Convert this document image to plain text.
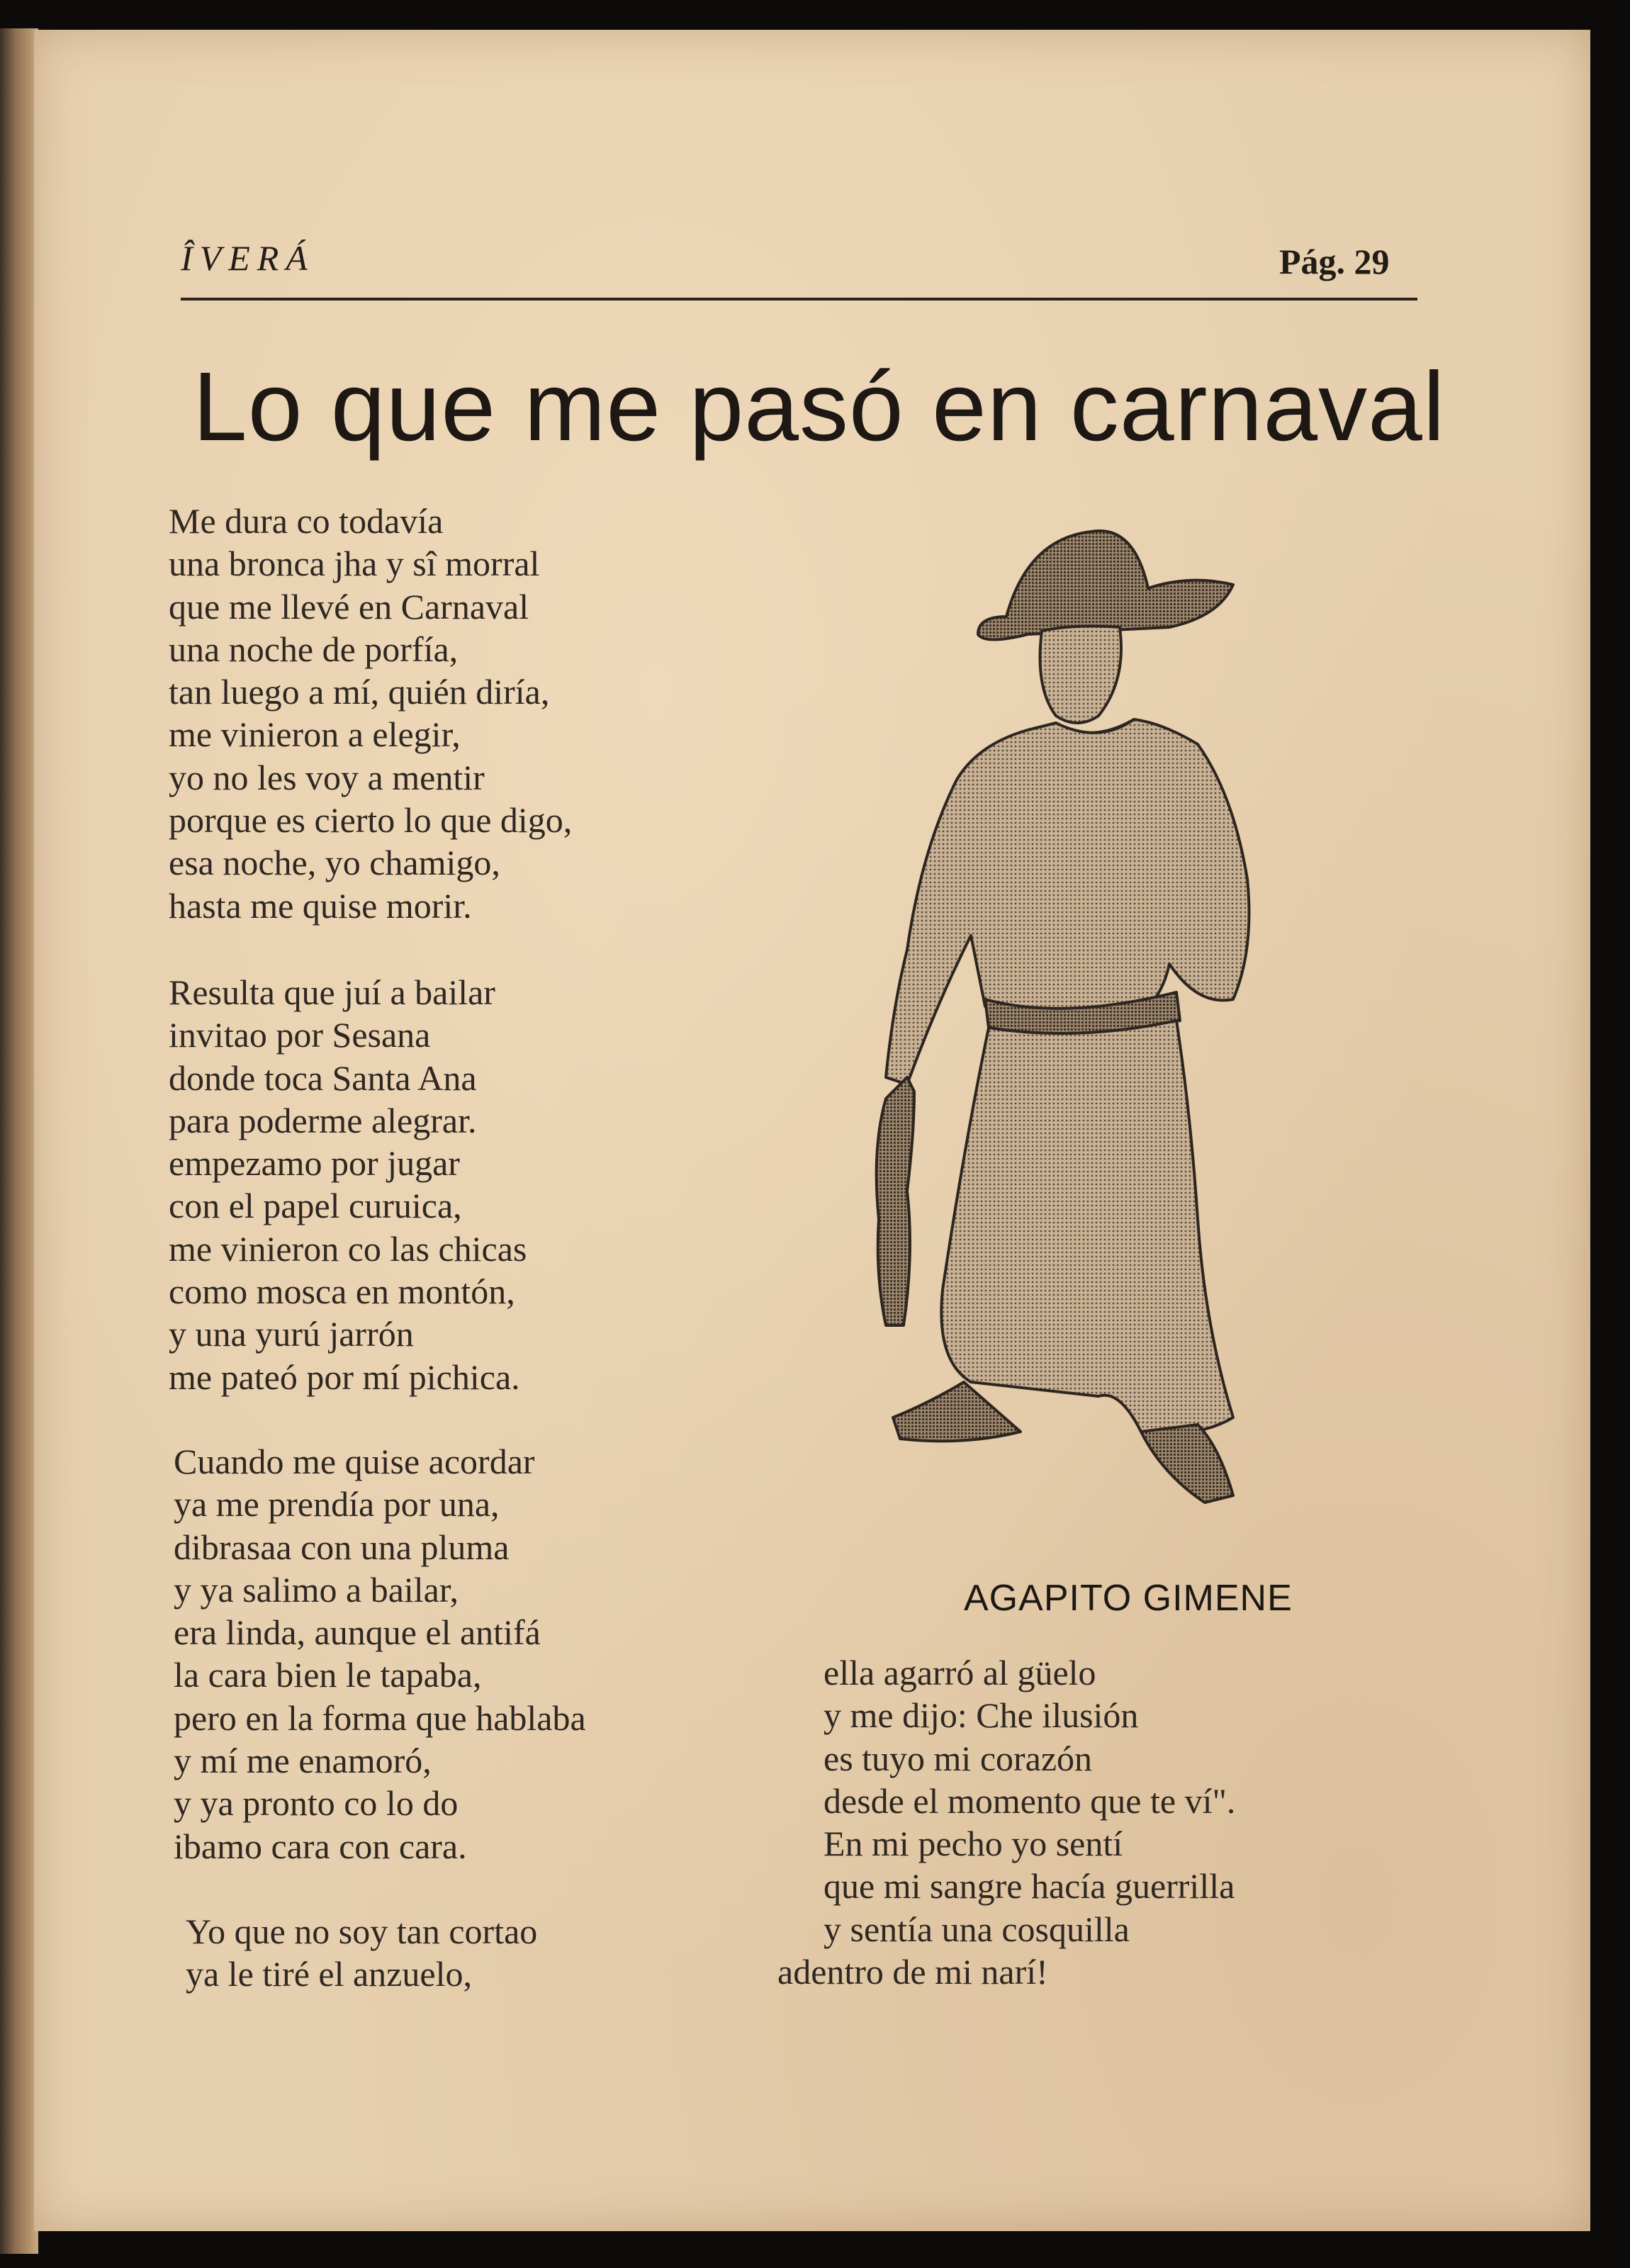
ÎVERÁ	Pág. 29
Lo que me pasó en carnaval
Me dura co todavía
una bronca jha y sî morral
que me llevé en Carnaval
una noche de porfía,
tan luego a mí, quién diría,
me vinieron a elegir,
yo no les voy a mentir
porque es cierto lo que digo,
esa noche, yo chamigo,
hasta me quise morir.
Resulta que juí a bailar
invitao por Sesana
donde toca Santa Ana
para poderme alegrar.
empezamo por jugar
con el papel curuica,
me vinieron co las chicas
como mosca en montón,
y una yurú jarrón
me pateó por mí pichica.
Cuando me quise acordar
ya me prendía por una,
dibrasaa con una pluma
y ya salimo a bailar,
era linda, aunque el antifá
la cara bien le tapaba,
pero en la forma que hablaba
y mí me enamoró,
y ya pronto co lo do
ibamo cara con cara.
Yo que no soy tan cortao
ya le tiré el anzuelo,
ella agarró al güelo
y me dijo: Che ilusión
es tuyo mi corazón
desde el momento que te ví".
En mi pecho yo sentí
que mi sangre hacía guerrilla
y sentía una cosquilla
adentro de mi narí!
AGAPITO GIMENE
